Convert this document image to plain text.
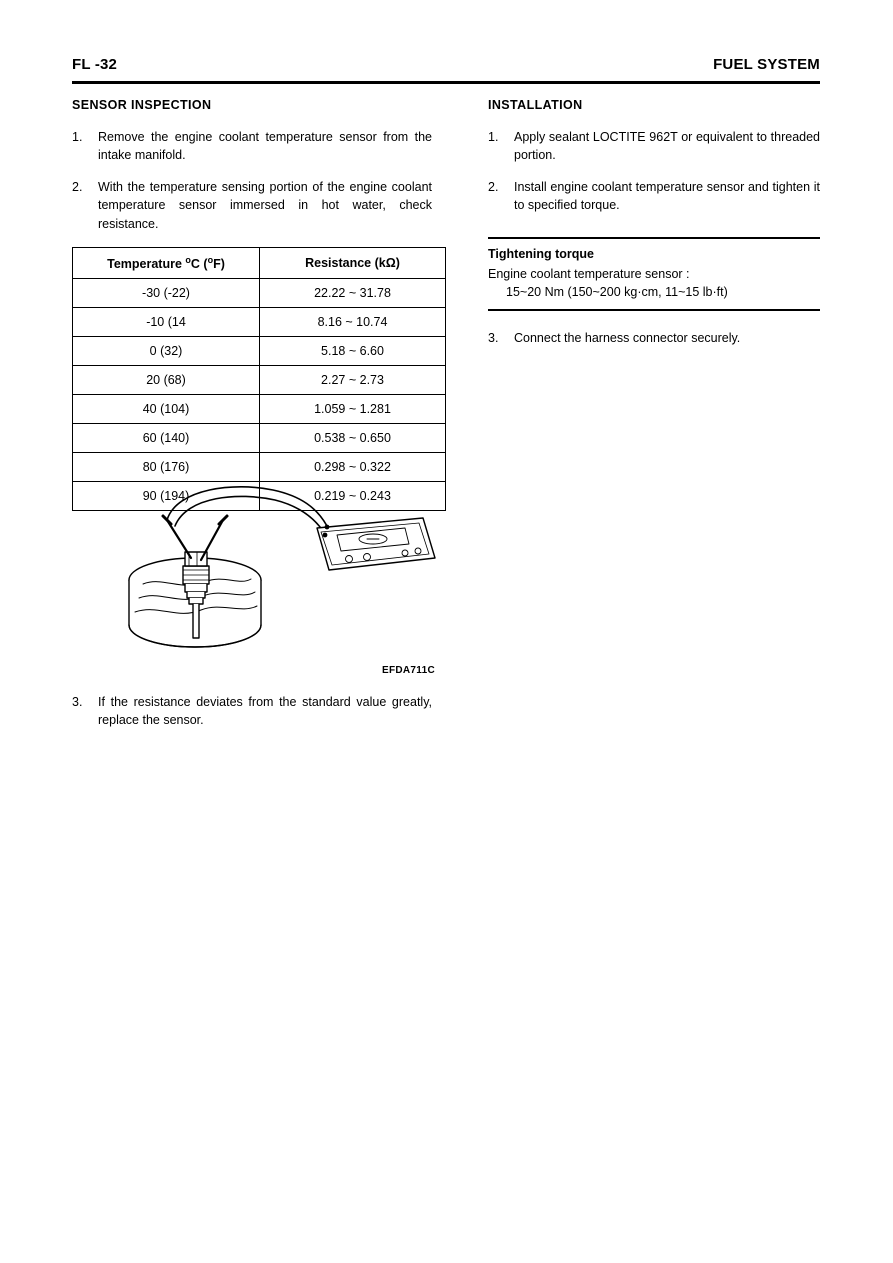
FL -32	FUEL SYSTEM
SENSOR INSPECTION
1.	Remove the engine coolant temperature sensor from the intake manifold.
2.	With the temperature sensing portion of the engine coolant temperature sensor immersed in hot water, check resistance.
Temperature $^o$C ($^o$F)	Resistance (kΩ)
-30 (-22)	22.22 ~ 31.78
-10 (14	8.16 ~ 10.74
0 (32)	5.18 ~ 6.60
20 (68)	2.27 ~ 2.73
40 (104)	1.059 ~ 1.281
60 (140)	0.538 ~ 0.650
80 (176)	0.298 ~ 0.322
90 (194)	0.219 ~ 0.243
EFDA711C
3.	If the resistance deviates from the standard value greatly, replace the sensor.
INSTALLATION
1.	Apply sealant LOCTITE 962T or equivalent to threaded portion.
2.	Install engine coolant temperature sensor and tighten it to specified torque.
Tightening torque
Engine coolant temperature sensor :
15~20 Nm (150~200 kg·cm, 11~15 lb·ft)
3.	Connect the harness connector securely.
